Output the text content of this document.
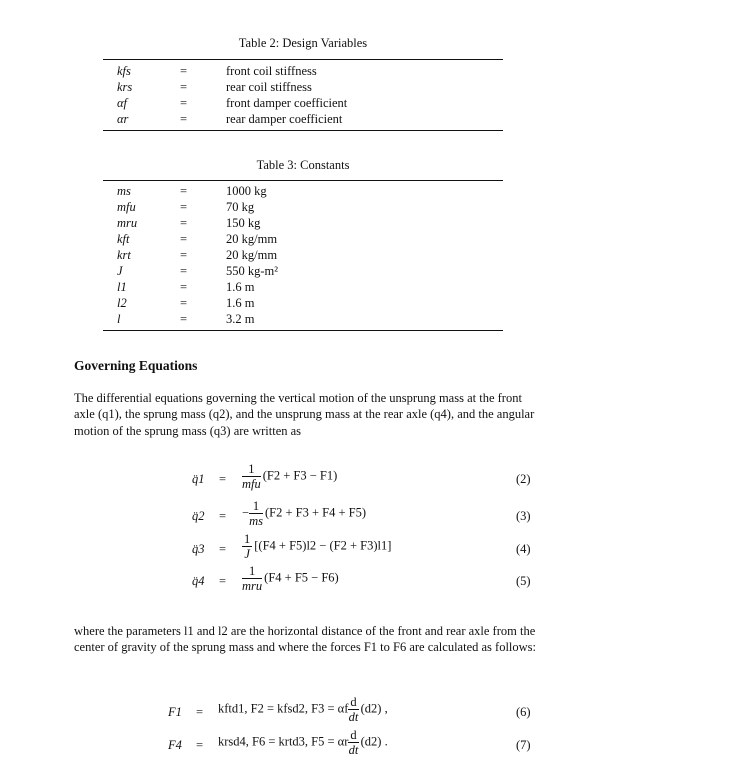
Table 2: Design Variables
kfs	=	front coil stiffness
krs	=	rear coil stiffness
αf	=	front damper coefficient
αr	=	rear damper coefficient
Table 3: Constants
ms	=	1000 kg
mfu	=	70 kg
mru	=	150 kg
kft	=	20 kg/mm
krt	=	20 kg/mm
J	=	550 kg-m²
l1	=	1.6 m
l2	=	1.6 m
l	=	3.2 m
Governing Equations
The differential equations governing the vertical motion of the unsprung mass at the front axle (q1), the sprung mass (q2), and the unsprung mass at the rear axle (q4), and the angular motion of the sprung mass (q3) are written as
q̈1 = $\frac{1}{\text{mfu}} (F2 + F3 - F1)$	(2)
q̈2 = − $\frac{1}{ms} (F2 + F3 + F4 + F5)$	(3)
q̈3 = $\frac{1}{J} [(F4 + F5)l2 - (F2 + F3)l1]$	(4)
q̈4 = $\frac{1}{\text{mru}} (F4 + F5 - F6)$	(5)
where the parameters l1 and l2 are the horizontal distance of the front and rear axle from the center of gravity of the sprung mass and where the forces F1 to F6 are calculated as follows:
F1 = kftd1, F2 = kfsd2, F3 = αf $\frac{d}{dt} (d2)$ ,	(6)
F4 = krsd4, F6 = krtd3, F5 = αr $\frac{d}{dt} (d2)$ .	(7)
